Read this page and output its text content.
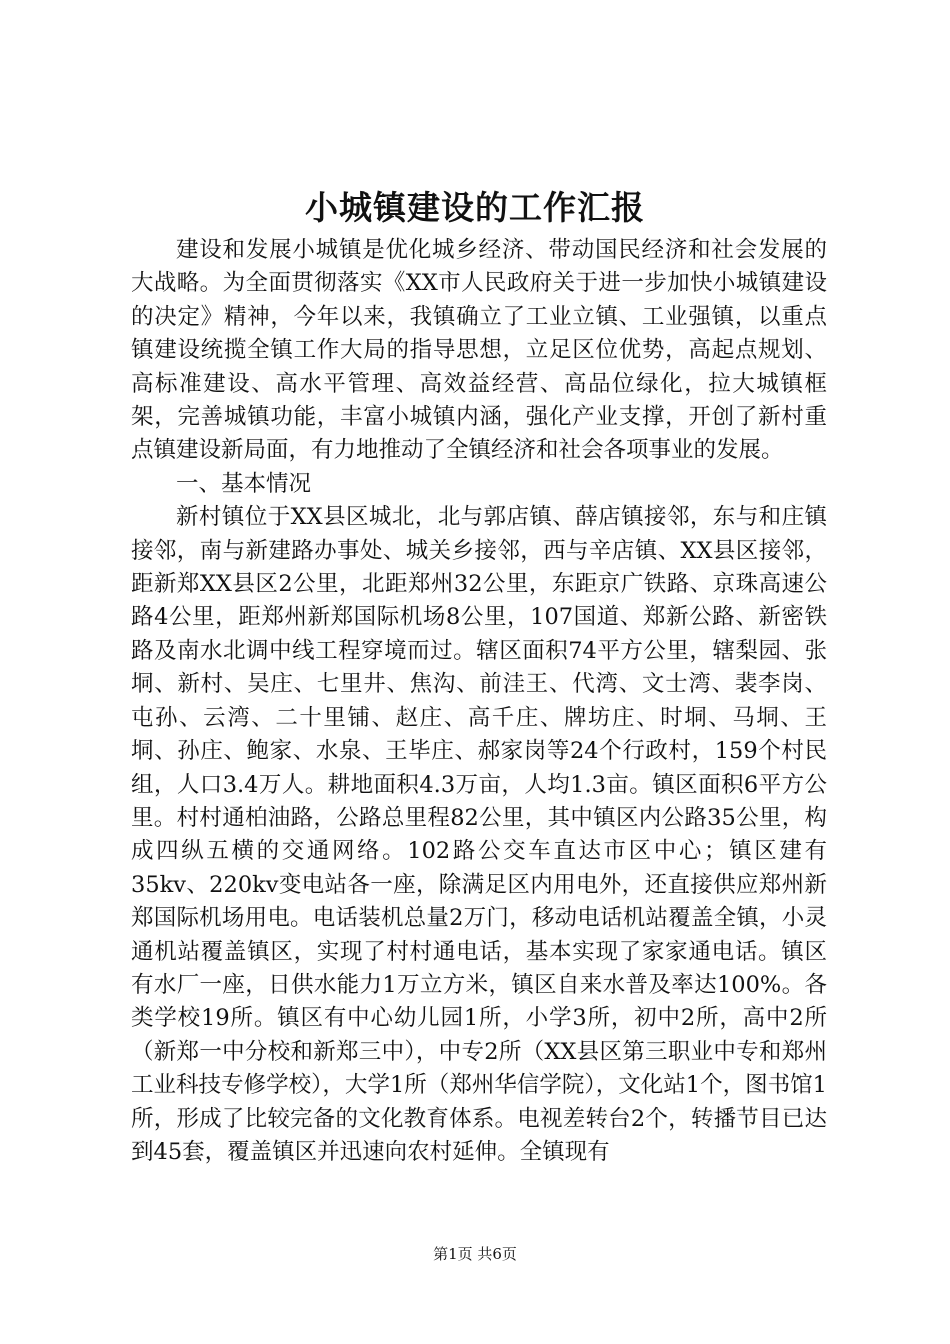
小城镇建设的工作汇报

建设和发展小城镇是优化城乡经济、带动国民经济和社会发展的大战略。为全面贯彻落实《XX市人民政府关于进一步加快小城镇建设的决定》精神，今年以来，我镇确立了工业立镇、工业强镇，以重点镇建设统揽全镇工作大局的指导思想，立足区位优势，高起点规划、高标准建设、高水平管理、高效益经营、高品位绿化，拉大城镇框架，完善城镇功能，丰富小城镇内涵，强化产业支撑，开创了新村重点镇建设新局面，有力地推动了全镇经济和社会各项事业的发展。

一、基本情况

新村镇位于XX县区城北，北与郭店镇、薛店镇接邻，东与和庄镇接邻，南与新建路办事处、城关乡接邻，西与辛店镇、XX县区接邻，距新郑XX县区2公里，北距郑州32公里，东距京广铁路、京珠高速公路4公里，距郑州新郑国际机场8公里，107国道、郑新公路、新密铁路及南水北调中线工程穿境而过。辖区面积74平方公里，辖梨园、张垌、新村、吴庄、七里井、焦沟、前洼王、代湾、文士湾、裴李岗、屯孙、云湾、二十里铺、赵庄、高千庄、牌坊庄、时垌、马垌、王垌、孙庄、鲍家、水泉、王毕庄、郝家岗等24个行政村，159个村民组，人口3.4万人。耕地面积4.3万亩，人均1.3亩。镇区面积6平方公里。村村通柏油路，公路总里程82公里，其中镇区内公路35公里，构成四纵五横的交通网络。102路公交车直达市区中心；镇区建有35kv、220kv变电站各一座，除满足区内用电外，还直接供应郑州新郑国际机场用电。电话装机总量2万门，移动电话机站覆盖全镇，小灵通机站覆盖镇区，实现了村村通电话，基本实现了家家通电话。镇区有水厂一座，日供水能力1万立方米，镇区自来水普及率达100%。各类学校19所。镇区有中心幼儿园1所，小学3所，初中2所，高中2所（新郑一中分校和新郑三中），中专2所（XX县区第三职业中专和郑州工业科技专修学校），大学1所（郑州华信学院），文化站1个，图书馆1所，形成了比较完备的文化教育体系。电视差转台2个，转播节目已达到45套，覆盖镇区并迅速向农村延伸。全镇现有

第1页 共6页
